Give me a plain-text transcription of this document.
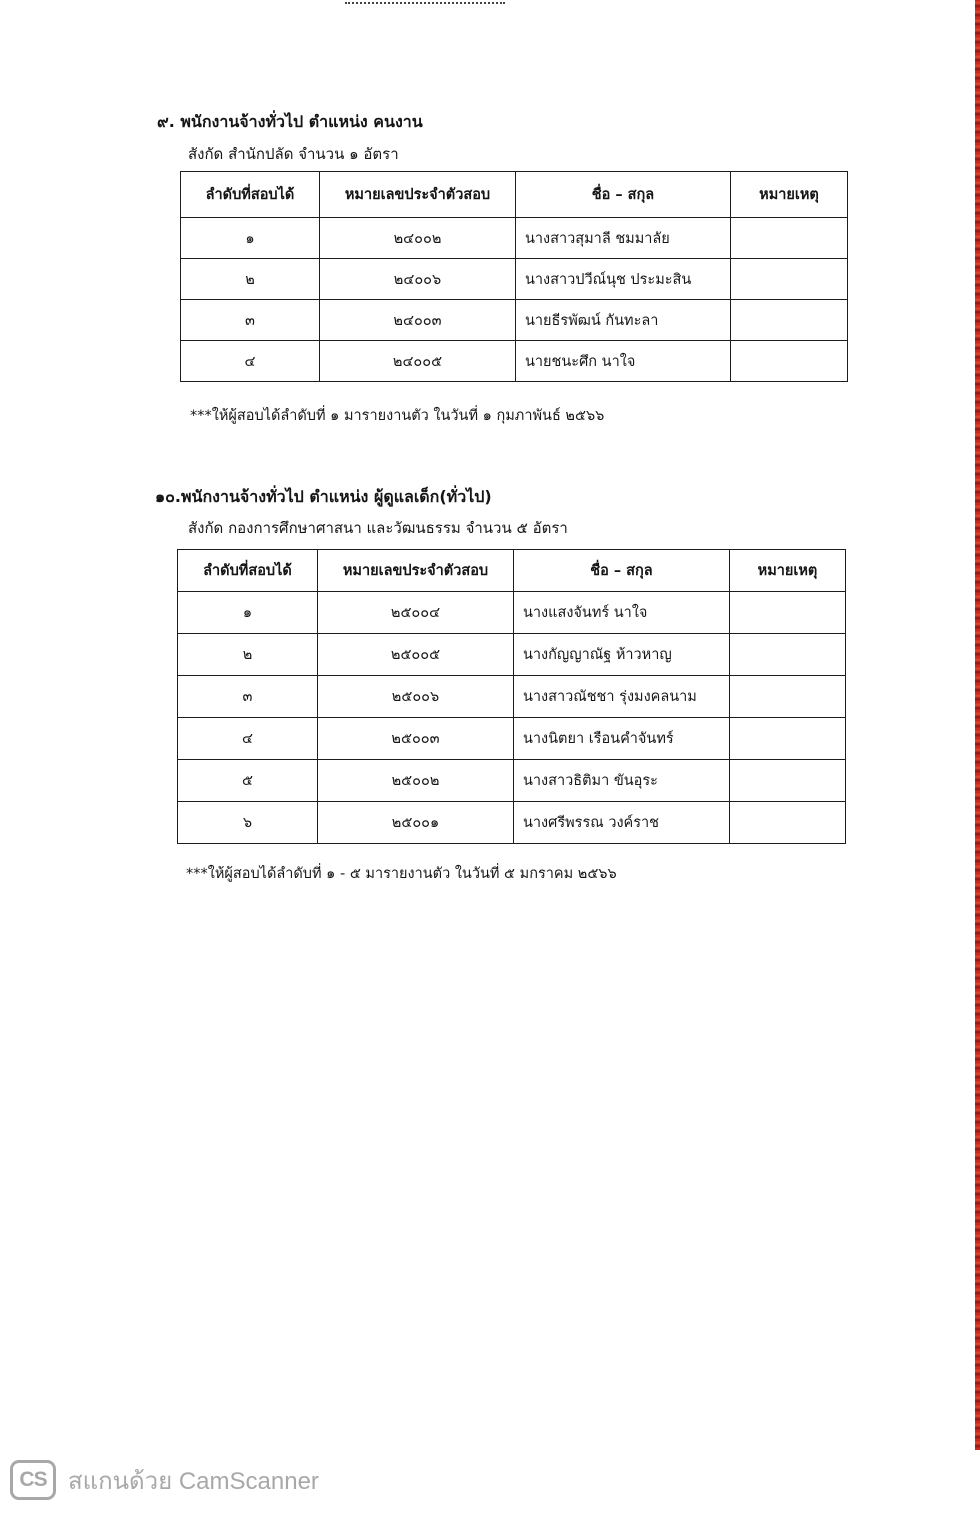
๙. พนักงานจ้างทั่วไป ตำแหน่ง คนงาน
สังกัด สำนักปลัด จำนวน ๑ อัตรา
ลำดับที่สอบได้	หมายเลขประจำตัวสอบ	ชื่อ – สกุล	หมายเหตุ
๑	๒๔๐๐๒	นางสาวสุมาลี ชมมาลัย	
๒	๒๔๐๐๖	นางสาวปวีณ์นุช ประมะสิน	
๓	๒๔๐๐๓	นายธีรพัฒน์ กันทะลา	
๔	๒๔๐๐๕	นายชนะศึก นาใจ	
***ให้ผู้สอบได้ลำดับที่ ๑ มารายงานตัว ในวันที่ ๑ กุมภาพันธ์ ๒๕๖๖
๑๐.พนักงานจ้างทั่วไป ตำแหน่ง ผู้ดูแลเด็ก(ทั่วไป)
สังกัด กองการศึกษาศาสนา และวัฒนธรรม จำนวน ๕ อัตรา
ลำดับที่สอบได้	หมายเลขประจำตัวสอบ	ชื่อ – สกุล	หมายเหตุ
๑	๒๕๐๐๔	นางแสงจันทร์ นาใจ	
๒	๒๕๐๐๕	นางกัญญาณัฐ ห้าวหาญ	
๓	๒๕๐๐๖	นางสาวณัชชา รุ่งมงคลนาม	
๔	๒๕๐๐๓	นางนิตยา เรือนคำจันทร์	
๕	๒๕๐๐๒	นางสาวธิติมา ขันอุระ	
๖	๒๕๐๐๑	นางศรีพรรณ วงค์ราช	
***ให้ผู้สอบได้ลำดับที่ ๑ - ๕ มารายงานตัว ในวันที่ ๕ มกราคม ๒๕๖๖
CS สแกนด้วย CamScanner
